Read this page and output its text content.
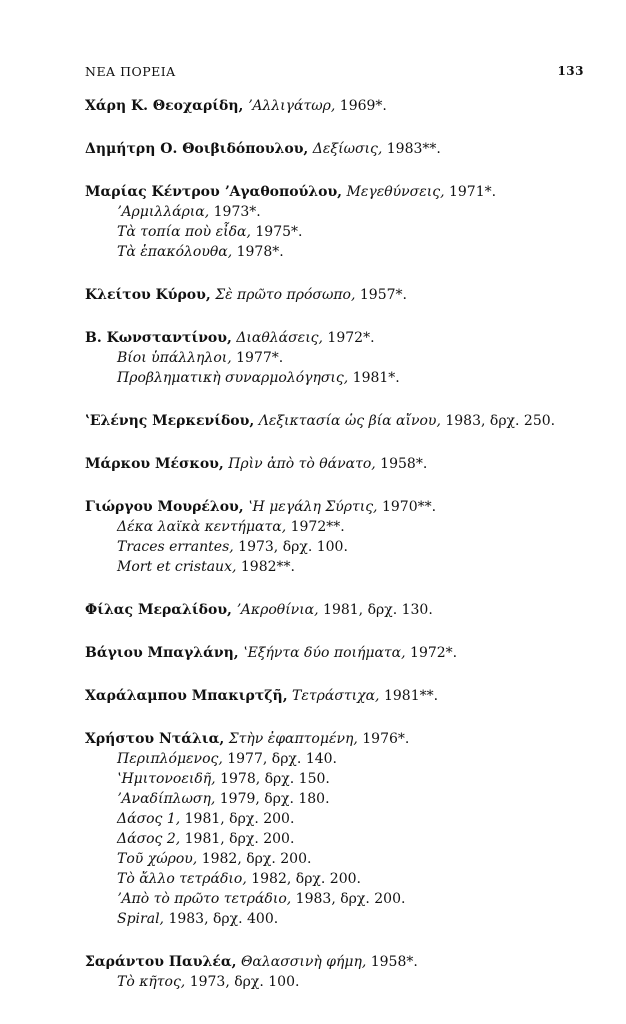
ΝΕΑ ΠΟΡΕΙΑ	133
Χάρη Κ. Θεοχαρίδη, ʼΑλλιγάτωρ, 1969*.
Δημήτρη Ο. Θοιβιδόπουλου, Δεξίωσις, 1983**.
Μαρίας Κέντρου ʼΑγαθοπούλου, Μεγεθύνσεις, 1971*.
ʼΑρμιλλάρια, 1973*.
Τὰ τοπία ποὺ εἶδα, 1975*.
Τὰ ἑπακόλουθα, 1978*.
Κλείτου Κύρου, Σὲ πρῶτο πρόσωπο, 1957*.
Β. Κωνσταντίνου, Διαθλάσεις, 1972*.
Βίοι ὑπάλληλοι, 1977*.
Προβληματικὴ συναρμολόγησις, 1981*.
ʽΕλένης Μερκενίδου, Λεξικτασία ὡς βία αἴνου, 1983, δρχ. 250.
Μάρκου Μέσκου, Πρὶν ἀπὸ τὸ θάνατο, 1958*.
Γιώργου Μουρέλου, ʽΗ μεγάλη Σύρτις, 1970**.
Δέκα λαϊκὰ κεντήματα, 1972**.
Traces errantes, 1973, δρχ. 100.
Mort et cristaux, 1982**.
Φίλας Μεραλίδου, ʼΑκροθίνια, 1981, δρχ. 130.
Βάγιου Μπαγλάνη, ʽΕξήντα δύο ποιήματα, 1972*.
Χαράλαμπου Μπακιρτζῆ, Τετράστιχα, 1981**.
Χρήστου Ντάλια, Στὴν ἐφαπτομένη, 1976*.
Περιπλόμενος, 1977, δρχ. 140.
ʽΗμιτονοειδῆ, 1978, δρχ. 150.
ʼΑναδίπλωση, 1979, δρχ. 180.
Δάσος 1, 1981, δρχ. 200.
Δάσος 2, 1981, δρχ. 200.
Τοῦ χώρου, 1982, δρχ. 200.
Τὸ ἄλλο τετράδιο, 1982, δρχ. 200.
ʼΑπὸ τὸ πρῶτο τετράδιο, 1983, δρχ. 200.
Spiral, 1983, δρχ. 400.
Σαράντου Παυλέα, Θαλασσινὴ φήμη, 1958*.
Τὸ κῆτος, 1973, δρχ. 100.
